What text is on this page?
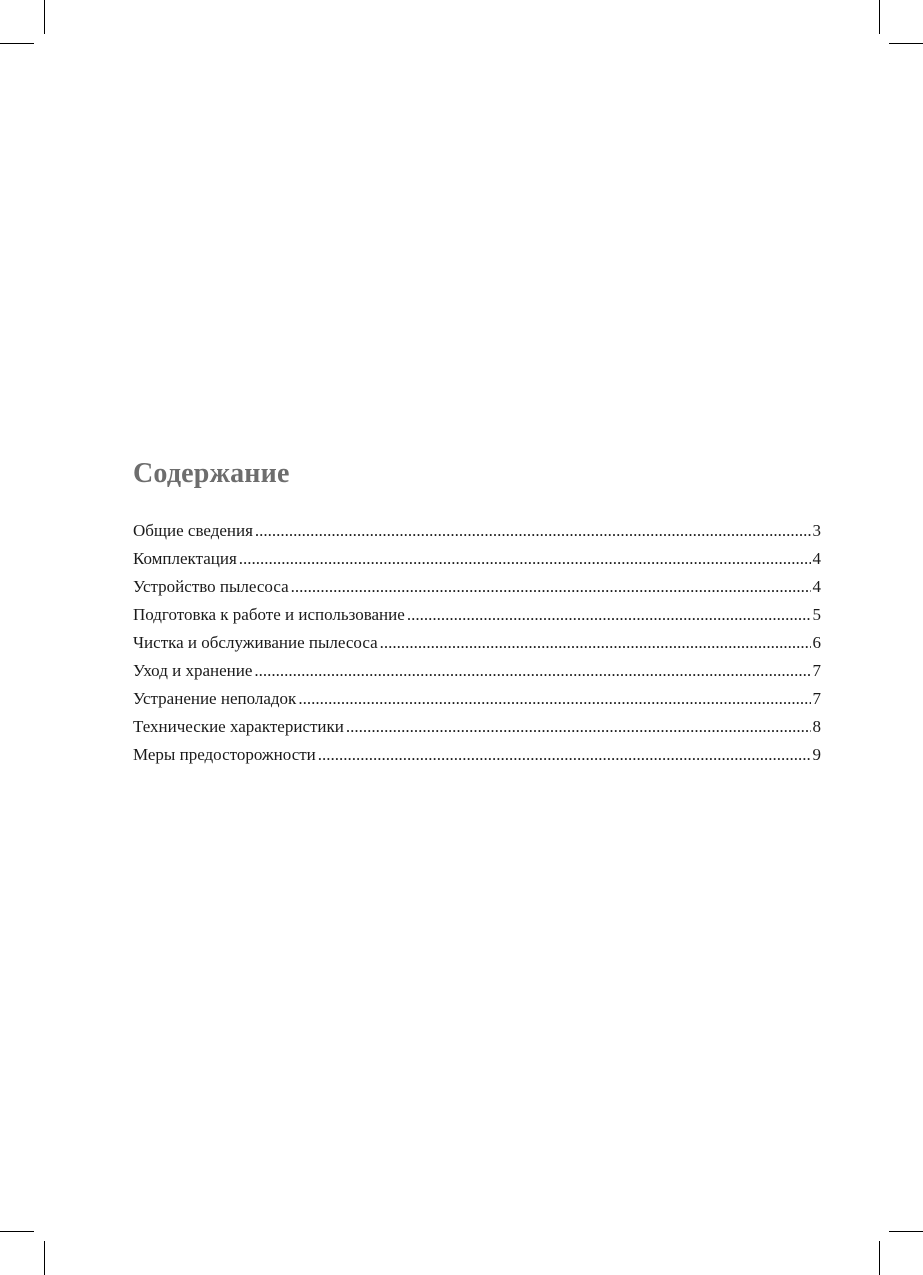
Содержание
Общие сведения .....	3
Комплектация .....	4
Устройство пылесоса .....	4
Подготовка к работе и использование .....	5
Чистка и обслуживание пылесоса .....	6
Уход и хранение .....	7
Устранение неполадок .....	7
Технические характеристики .....	8
Меры предосторожности .....	9
